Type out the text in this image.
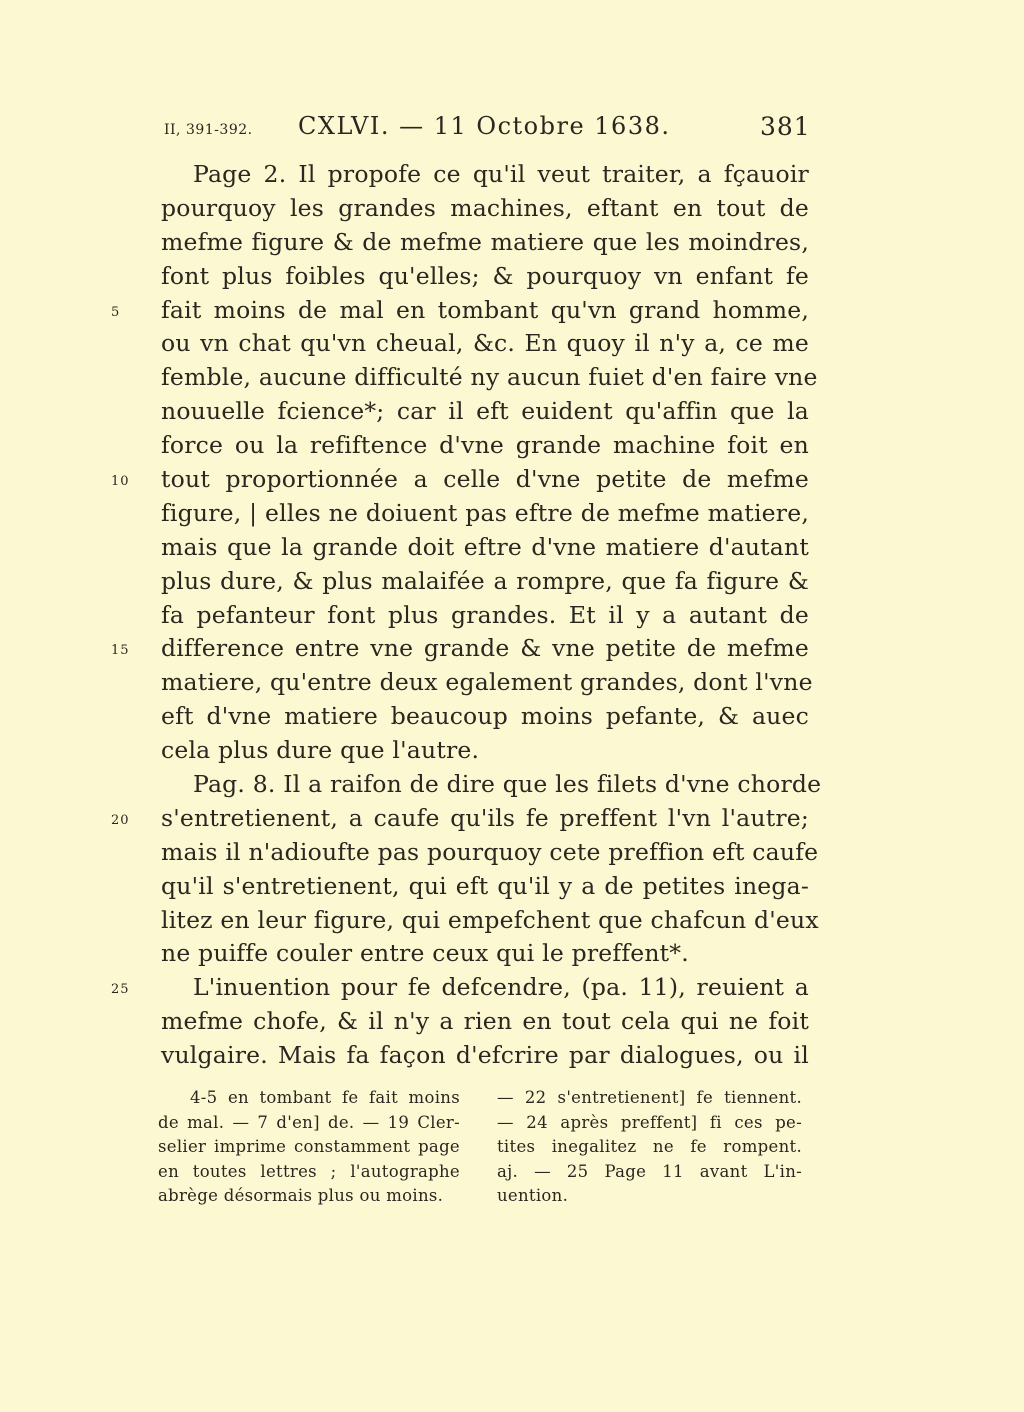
II, 391-392. CXLVI. — 11 Octobre 1638.	381
Page 2. Il propofe ce qu'il veut traiter, a fçauoir
pourquoy les grandes machines, eftant en tout de
mefme figure & de mefme matiere que les moindres,
font plus foibles qu'elles; & pourquoy vn enfant fe
5	fait moins de mal en tombant qu'vn grand homme,
ou vn chat qu'vn cheual, &c. En quoy il n'y a, ce me
femble, aucune difficulté ny aucun fuiet d'en faire vne
nouuelle fcience*; car il eft euident qu'affin que la
force ou la refiftence d'vne grande machine foit en
10	tout proportionnée a celle d'vne petite de mefme
figure, | elles ne doiuent pas eftre de mefme matiere,
mais que la grande doit eftre d'vne matiere d'autant
plus dure, & plus malaifée a rompre, que fa figure &
fa pefanteur font plus grandes. Et il y a autant de
15	difference entre vne grande & vne petite de mefme
matiere, qu'entre deux egalement grandes, dont l'vne
eft d'vne matiere beaucoup moins pefante, & auec
cela plus dure que l'autre.
Pag. 8. Il a raifon de dire que les filets d'vne chorde
20	s'entretienent, a caufe qu'ils fe preffent l'vn l'autre;
mais il n'adioufte pas pourquoy cete preffion eft caufe
qu'il s'entretienent, qui eft qu'il y a de petites inega-
litez en leur figure, qui empefchent que chafcun d'eux
ne puiffe couler entre ceux qui le preffent*.
25	L'inuention pour fe defcendre, (pa. 11), reuient a
mefme chofe, & il n'y a rien en tout cela qui ne foit
vulgaire. Mais fa façon d'efcrire par dialogues, ou il
4-5 en tombant fe fait moins
de mal. — 7 d'en] de. — 19 Cler-
selier imprime constamment page
en toutes lettres ; l'autographe
abrège désormais plus ou moins.
— 22 s'entretienent] fe tiennent.
— 24 après preffent] fi ces pe-
tites inegalitez ne fe rompent.
aj. — 25 Page 11 avant L'in-
uention.
